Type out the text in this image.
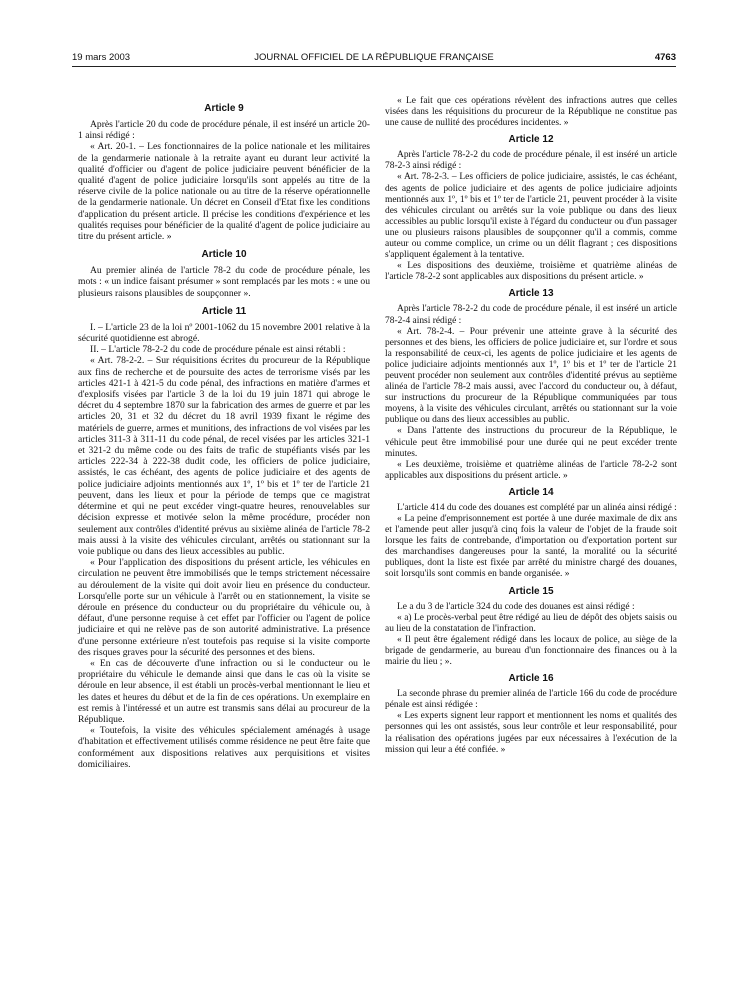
19 mars 2003	JOURNAL OFFICIEL DE LA RÉPUBLIQUE FRANÇAISE	4763
Article 9

Après l'article 20 du code de procédure pénale, il est inséré un article 20-1 ainsi rédigé :

« Art. 20-1. – Les fonctionnaires de la police nationale et les militaires de la gendarmerie nationale à la retraite ayant eu durant leur activité la qualité d'officier ou d'agent de police judiciaire peuvent bénéficier de la qualité d'agent de police judiciaire lorsqu'ils sont appelés au titre de la réserve civile de la police nationale ou au titre de la réserve opérationnelle de la gendarmerie nationale. Un décret en Conseil d'Etat fixe les conditions d'application du présent article. Il précise les conditions d'expérience et les qualités requises pour bénéficier de la qualité d'agent de police judiciaire au titre du présent article. »

Article 10

Au premier alinéa de l'article 78-2 du code de procédure pénale, les mots : « un indice faisant présumer » sont remplacés par les mots : « une ou plusieurs raisons plausibles de soupçonner ».

Article 11

I. – L'article 23 de la loi nº 2001-1062 du 15 novembre 2001 relative à la sécurité quotidienne est abrogé.

II. – L'article 78-2-2 du code de procédure pénale est ainsi rétabli :

« Art. 78-2-2. – Sur réquisitions écrites du procureur de la République aux fins de recherche et de poursuite des actes de terrorisme visés par les articles 421-1 à 421-5 du code pénal, des infractions en matière d'armes et d'explosifs visées par l'article 3 de la loi du 19 juin 1871 qui abroge le décret du 4 septembre 1870 sur la fabrication des armes de guerre et par les articles 20, 31 et 32 du décret du 18 avril 1939 fixant le régime des matériels de guerre, armes et munitions, des infractions de vol visées par les articles 311-3 à 311-11 du code pénal, de recel visées par les articles 321-1 et 321-2 du même code ou des faits de trafic de stupéfiants visés par les articles 222-34 à 222-38 dudit code, les officiers de police judiciaire, assistés, le cas échéant, des agents de police judiciaire et des agents de police judiciaire adjoints mentionnés aux 1º, 1º bis et 1º ter de l'article 21 peuvent, dans les lieux et pour la période de temps que ce magistrat détermine et qui ne peut excéder vingt-quatre heures, renouvelables sur décision expresse et motivée selon la même procédure, procéder non seulement aux contrôles d'identité prévus au sixième alinéa de l'article 78-2 mais aussi à la visite des véhicules circulant, arrêtés ou stationnant sur la voie publique ou dans des lieux accessibles au public.

« Pour l'application des dispositions du présent article, les véhicules en circulation ne peuvent être immobilisés que le temps strictement nécessaire au déroulement de la visite qui doit avoir lieu en présence du conducteur. Lorsqu'elle porte sur un véhicule à l'arrêt ou en stationnement, la visite se déroule en présence du conducteur ou du propriétaire du véhicule ou, à défaut, d'une personne requise à cet effet par l'officier ou l'agent de police judiciaire et qui ne relève pas de son autorité administrative. La présence d'une personne extérieure n'est toutefois pas requise si la visite comporte des risques graves pour la sécurité des personnes et des biens.

« En cas de découverte d'une infraction ou si le conducteur ou le propriétaire du véhicule le demande ainsi que dans le cas où la visite se déroule en leur absence, il est établi un procès-verbal mentionnant le lieu et les dates et heures du début et de la fin de ces opérations. Un exemplaire en est remis à l'intéressé et un autre est transmis sans délai au procureur de la République.

« Toutefois, la visite des véhicules spécialement aménagés à usage d'habitation et effectivement utilisés comme résidence ne peut être faite que conformément aux dispositions relatives aux perquisitions et visites domiciliaires.

« Le fait que ces opérations révèlent des infractions autres que celles visées dans les réquisitions du procureur de la République ne constitue pas une cause de nullité des procédures incidentes. »

Article 12

Après l'article 78-2-2 du code de procédure pénale, il est inséré un article 78-2-3 ainsi rédigé :

« Art. 78-2-3. – Les officiers de police judiciaire, assistés, le cas échéant, des agents de police judiciaire et des agents de police judiciaire adjoints mentionnés aux 1º, 1º bis et 1º ter de l'article 21, peuvent procéder à la visite des véhicules circulant ou arrêtés sur la voie publique ou dans des lieux accessibles au public lorsqu'il existe à l'égard du conducteur ou d'un passager une ou plusieurs raisons plausibles de soupçonner qu'il a commis, comme auteur ou comme complice, un crime ou un délit flagrant ; ces dispositions s'appliquent également à la tentative.

« Les dispositions des deuxième, troisième et quatrième alinéas de l'article 78-2-2 sont applicables aux dispositions du présent article. »

Article 13

Après l'article 78-2-2 du code de procédure pénale, il est inséré un article 78-2-4 ainsi rédigé :

« Art. 78-2-4. – Pour prévenir une atteinte grave à la sécurité des personnes et des biens, les officiers de police judiciaire et, sur l'ordre et sous la responsabilité de ceux-ci, les agents de police judiciaire et les agents de police judiciaire adjoints mentionnés aux 1º, 1º bis et 1º ter de l'article 21 peuvent procéder non seulement aux contrôles d'identité prévus au septième alinéa de l'article 78-2 mais aussi, avec l'accord du conducteur ou, à défaut, sur instructions du procureur de la République communiquées par tous moyens, à la visite des véhicules circulant, arrêtés ou stationnant sur la voie publique ou dans des lieux accessibles au public.

« Dans l'attente des instructions du procureur de la République, le véhicule peut être immobilisé pour une durée qui ne peut excéder trente minutes.

« Les deuxième, troisième et quatrième alinéas de l'article 78-2-2 sont applicables aux dispositions du présent article. »

Article 14

L'article 414 du code des douanes est complété par un alinéa ainsi rédigé :

« La peine d'emprisonnement est portée à une durée maximale de dix ans et l'amende peut aller jusqu'à cinq fois la valeur de l'objet de la fraude soit lorsque les faits de contrebande, d'importation ou d'exportation portent sur des marchandises dangereuses pour la santé, la moralité ou la sécurité publiques, dont la liste est fixée par arrêté du ministre chargé des douanes, soit lorsqu'ils sont commis en bande organisée. »

Article 15

Le a du 3 de l'article 324 du code des douanes est ainsi rédigé :

« a) Le procès-verbal peut être rédigé au lieu de dépôt des objets saisis ou au lieu de la constatation de l'infraction.

« Il peut être également rédigé dans les locaux de police, au siège de la brigade de gendarmerie, au bureau d'un fonctionnaire des finances ou à la mairie du lieu ; ».

Article 16

La seconde phrase du premier alinéa de l'article 166 du code de procédure pénale est ainsi rédigée :

« Les experts signent leur rapport et mentionnent les noms et qualités des personnes qui les ont assistés, sous leur contrôle et leur responsabilité, pour la réalisation des opérations jugées par eux nécessaires à l'exécution de la mission qui leur a été confiée. »
